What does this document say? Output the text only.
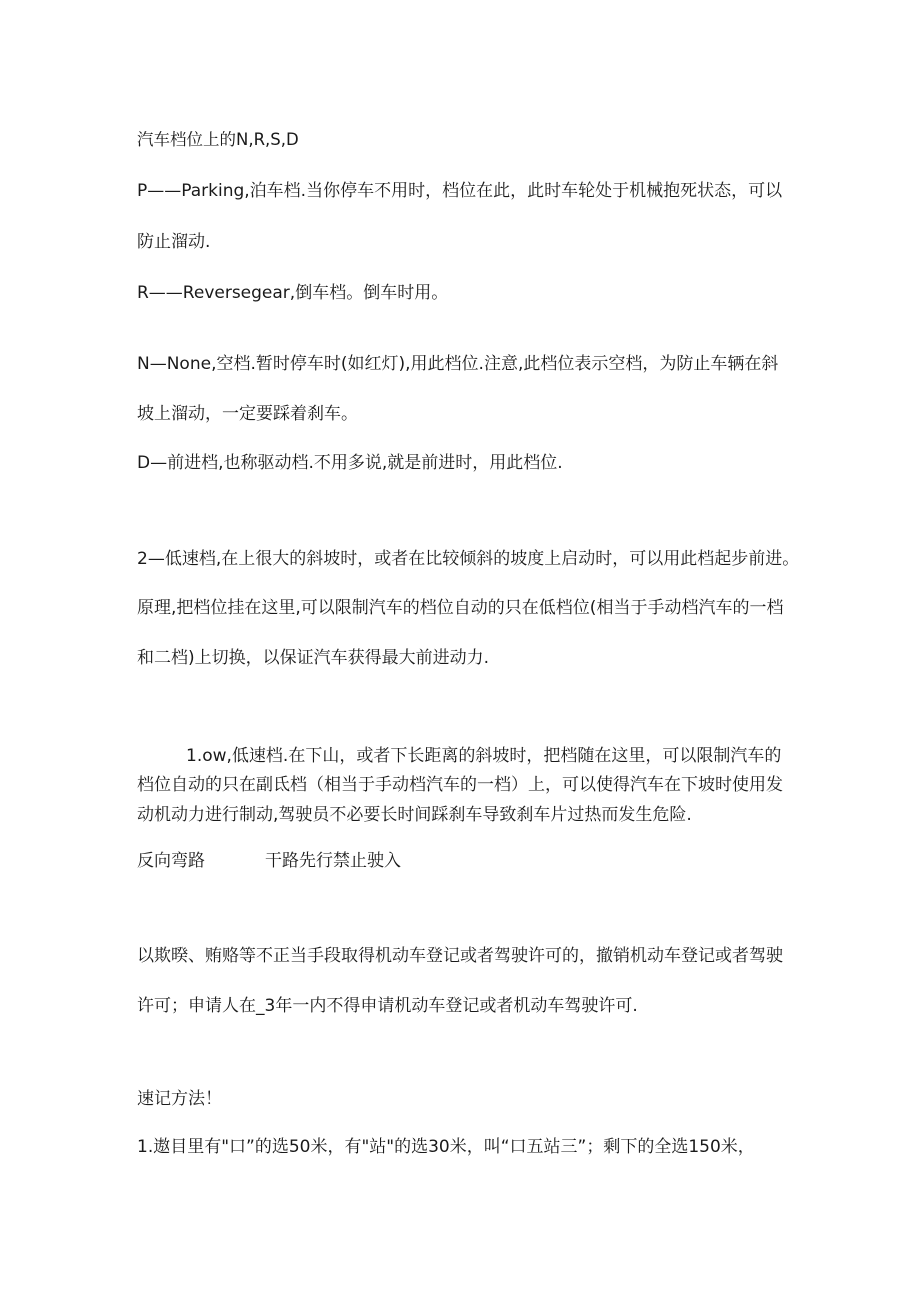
汽车档位上的N,R,S,D
P——Parking,泊车档.当你停车不用时，档位在此，此时车轮处于机械抱死状态，可以
防止溜动.
R——Reversegear,倒车档。倒车时用。
N—None,空档.暂时停车时(如红灯),用此档位.注意,此档位表示空档，为防止车辆在斜
坡上溜动，一定要踩着刹车。
D—前进档,也称驱动档.不用多说,就是前进时，用此档位.
2—低速档,在上很大的斜坡时，或者在比较倾斜的坡度上启动时，可以用此档起步前进。
原理,把档位挂在这里,可以限制汽车的档位自动的只在低档位(相当于手动档汽车的一档
和二档)上切换，以保证汽车获得最大前进动力.
1.ow,低速档.在下山，或者下长距离的斜坡时，把档随在这里，可以限制汽车的
档位自动的只在副氐档（相当于手动档汽车的一档）上，可以使得汽车在下坡时使用发
动机动力进行制动,驾驶员不必要长时间踩刹车导致刹车片过热而发生危险.
反向弯路	干路先行禁止驶入
以欺暌、贿赂等不正当手段取得机动车登记或者驾驶许可的，撤销机动车登记或者驾驶
许可；申请人在_3年一内不得申请机动车登记或者机动车驾驶许可.
速记方法！
1.遨目里有"口”的选50米，有"站"的选30米，叫“口五站三”；剩下的全选150米，
